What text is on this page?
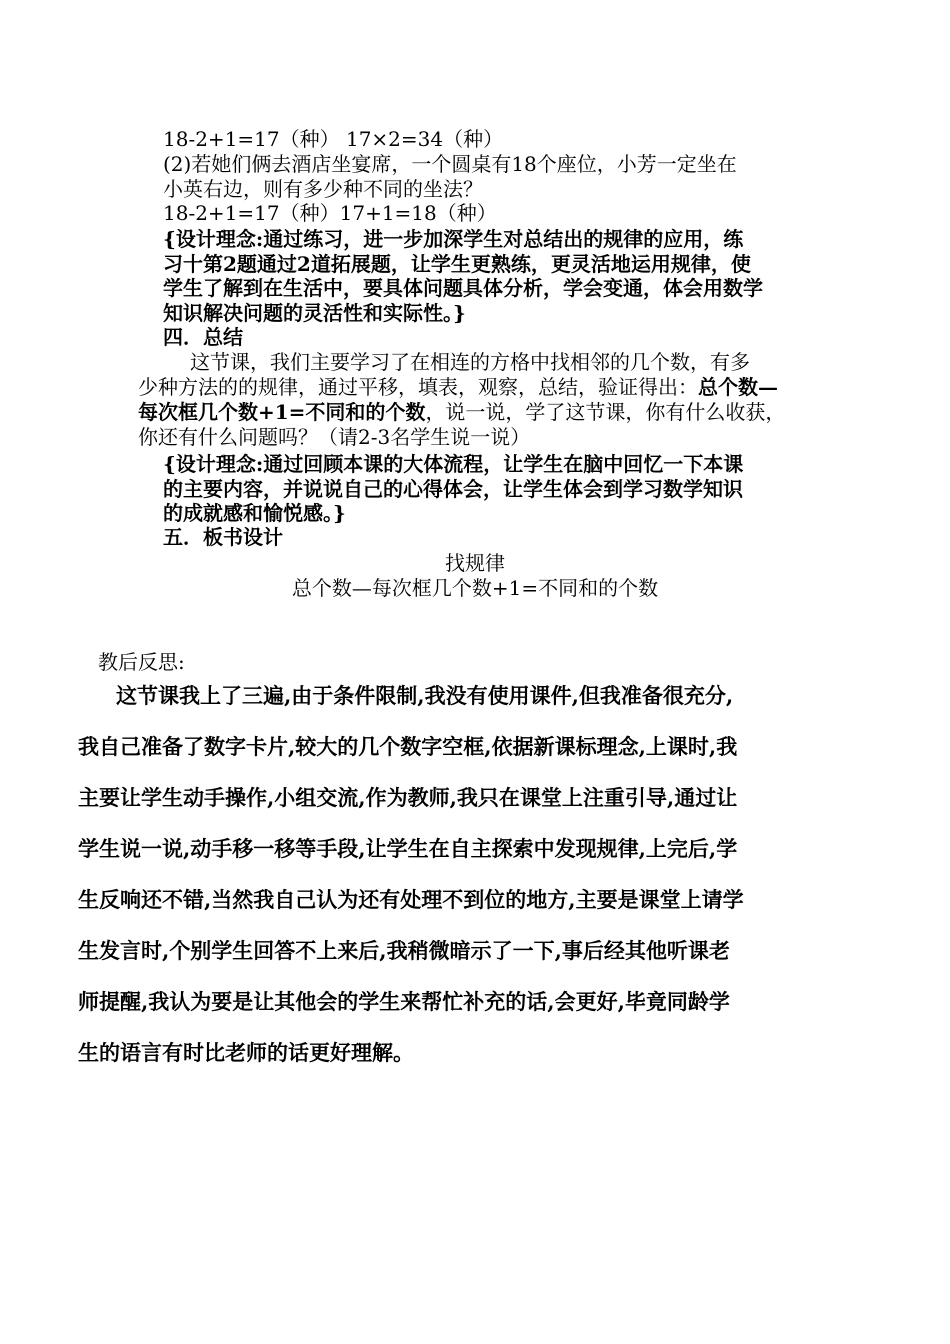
18-2+1=17（种） 17×2=34（种）
(2)若她们俩去酒店坐宴席，一个圆桌有18个座位，小芳一定坐在
小英右边，则有多少种不同的坐法？
18-2+1=17（种）17+1=18（种）
{设计理念:通过练习，进一步加深学生对总结出的规律的应用，练
习十第2题通过2道拓展题，让学生更熟练，更灵活地运用规律，使
学生了解到在生活中，要具体问题具体分析，学会变通，体会用数学
知识解决问题的灵活性和实际性。}
四．总结
这节课，我们主要学习了在相连的方格中找相邻的几个数，有多
少种方法的的规律，通过平移，填表，观察，总结，验证得出：总个数—
每次框几个数+1=不同和的个数，说一说，学了这节课，你有什么收获，
你还有什么问题吗？（请2-3名学生说一说）
{设计理念:通过回顾本课的大体流程，让学生在脑中回忆一下本课
的主要内容，并说说自己的心得体会，让学生体会到学习数学知识
的成就感和愉悦感。}
五．板书设计
找规律
总个数—每次框几个数+1=不同和的个数
教后反思:
这节课我上了三遍,由于条件限制,我没有使用课件,但我准备很充分,
我自己准备了数字卡片,较大的几个数字空框,依据新课标理念,上课时,我
主要让学生动手操作,小组交流,作为教师,我只在课堂上注重引导,通过让
学生说一说,动手移一移等手段,让学生在自主探索中发现规律,上完后,学
生反响还不错,当然我自己认为还有处理不到位的地方,主要是课堂上请学
生发言时,个别学生回答不上来后,我稍微暗示了一下,事后经其他听课老
师提醒,我认为要是让其他会的学生来帮忙补充的话,会更好,毕竟同龄学
生的语言有时比老师的话更好理解。
